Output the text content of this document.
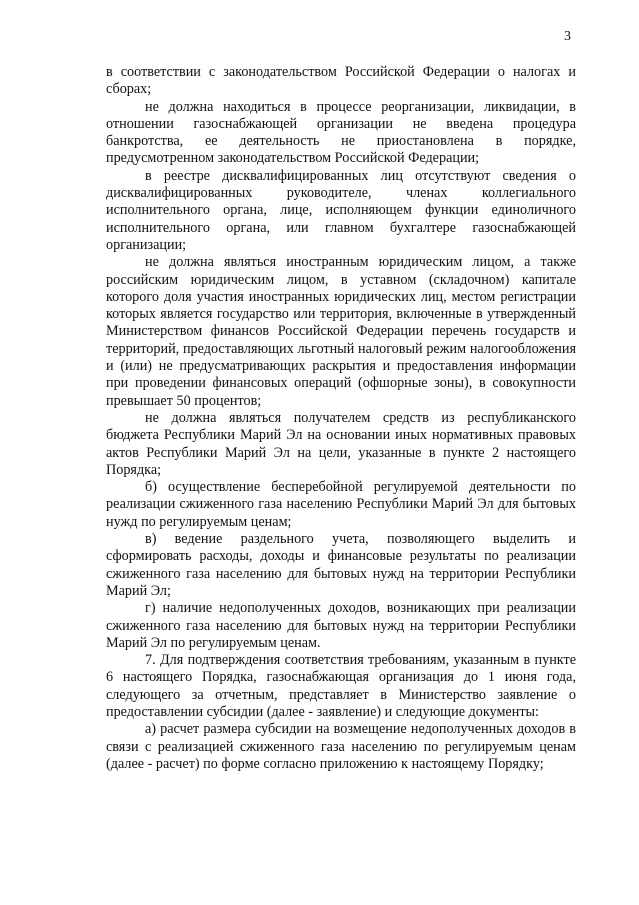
3

в соответствии с законодательством Российской Федерации о налогах и сборах;

не должна находиться в процессе реорганизации, ликвидации, в отношении газоснабжающей организации не введена процедура банкротства, ее деятельность не приостановлена в порядке, предусмотренном законодательством Российской Федерации;

в реестре дисквалифицированных лиц отсутствуют сведения о дисквалифицированных руководителе, членах коллегиального исполнительного органа, лице, исполняющем функции единоличного исполнительного органа, или главном бухгалтере газоснабжающей организации;

не должна являться иностранным юридическим лицом, а также российским юридическим лицом, в уставном (складочном) капитале которого доля участия иностранных юридических лиц, местом регистрации которых является государство или территория, включенные в утвержденный Министерством финансов Российской Федерации перечень государств и территорий, предоставляющих льготный налоговый режим налогообложения и (или) не предусматривающих раскрытия и предоставления информации при проведении финансовых операций (офшорные зоны), в совокупности превышает 50 процентов;

не должна являться получателем средств из республиканского бюджета Республики Марий Эл на основании иных нормативных правовых актов Республики Марий Эл на цели, указанные в пункте 2 настоящего Порядка;

б) осуществление бесперебойной регулируемой деятельности по реализации сжиженного газа населению Республики Марий Эл для бытовых нужд по регулируемым ценам;

в) ведение раздельного учета, позволяющего выделить и сформировать расходы, доходы и финансовые результаты по реализации сжиженного газа населению для бытовых нужд на территории Республики Марий Эл;

г) наличие недополученных доходов, возникающих при реализации сжиженного газа населению для бытовых нужд на территории Республики Марий Эл по регулируемым ценам.

7. Для подтверждения соответствия требованиям, указанным в пункте 6 настоящего Порядка, газоснабжающая организация до 1 июня года, следующего за отчетным, представляет в Министерство заявление о предоставлении субсидии (далее - заявление) и следующие документы:

а) расчет размера субсидии на возмещение недополученных доходов в связи с реализацией сжиженного газа населению по регулируемым ценам (далее - расчет) по форме согласно приложению к настоящему Порядку;
